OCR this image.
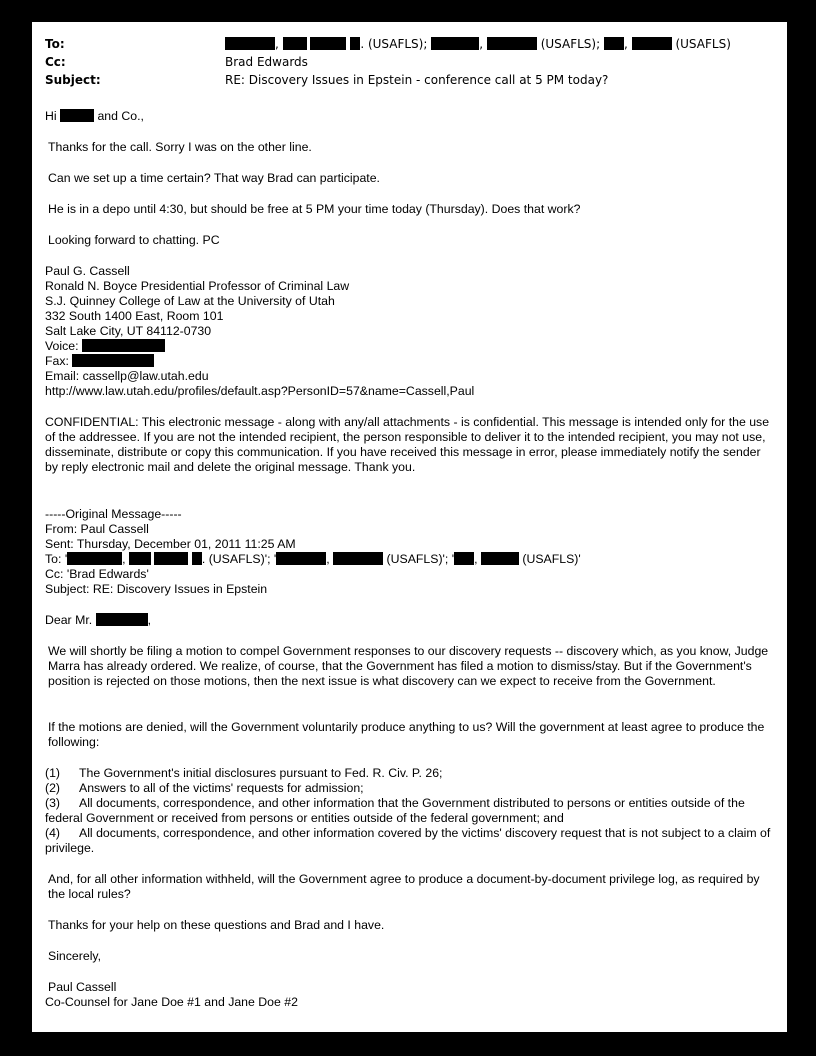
To:	,	. (USAFLS);	,	(USAFLS); ,	(USAFLS)
Cc:	Brad Edwards
Subject:	RE: Discovery Issues in Epstein - conference call at 5 PM today?
Hi	and Co.,
Thanks for the call. Sorry I was on the other line.
Can we set up a time certain? That way Brad can participate.
He is in a depo until 4:30, but should be free at 5 PM your time today (Thursday). Does that work?
Looking forward to chatting. PC
Paul G. Cassell
Ronald N. Boyce Presidential Professor of Criminal Law
S.J. Quinney College of Law at the University of Utah
332 South 1400 East, Room 101
Salt Lake City, UT 84112-0730
Voice:
Fax:
Email: cassellp@law.utah.edu
http://www.law.utah.edu/profiles/default.asp?PersonID=57&name=Cassell,Paul
CONFIDENTIAL: This electronic message - along with any/all attachments - is confidential. This message is intended only for the use of the addressee. If you are not the intended recipient, the person responsible to deliver it to the intended recipient, you may not use, disseminate, distribute or copy this communication. If you have received this message in error, please immediately notify the sender by reply electronic mail and delete the original message. Thank you.
-----Original Message-----
From: Paul Cassell
Sent: Thursday, December 01, 2011 11:25 AM
To: '	,	. (USAFLS)'; '	,	(USAFLS)'; ' ,	(USAFLS)'
Cc: 'Brad Edwards'
Subject: RE: Discovery Issues in Epstein
Dear Mr.	,
We will shortly be filing a motion to compel Government responses to our discovery requests -- discovery which, as you know, Judge Marra has already ordered. We realize, of course, that the Government has filed a motion to dismiss/stay. But if the Government's position is rejected on those motions, then the next issue is what discovery can we expect to receive from the Government.
If the motions are denied, will the Government voluntarily produce anything to us? Will the government at least agree to produce the following:
(1) The Government's initial disclosures pursuant to Fed. R. Civ. P. 26;
(2) Answers to all of the victims' requests for admission;
(3) All documents, correspondence, and other information that the Government distributed to persons or entities outside of the federal Government or received from persons or entities outside of the federal government; and
(4) All documents, correspondence, and other information covered by the victims' discovery request that is not subject to a claim of privilege.
And, for all other information withheld, will the Government agree to produce a document-by-document privilege log, as required by the local rules?
Thanks for your help on these questions and Brad and I have.
Sincerely,
Paul Cassell
Co-Counsel for Jane Doe #1 and Jane Doe #2
